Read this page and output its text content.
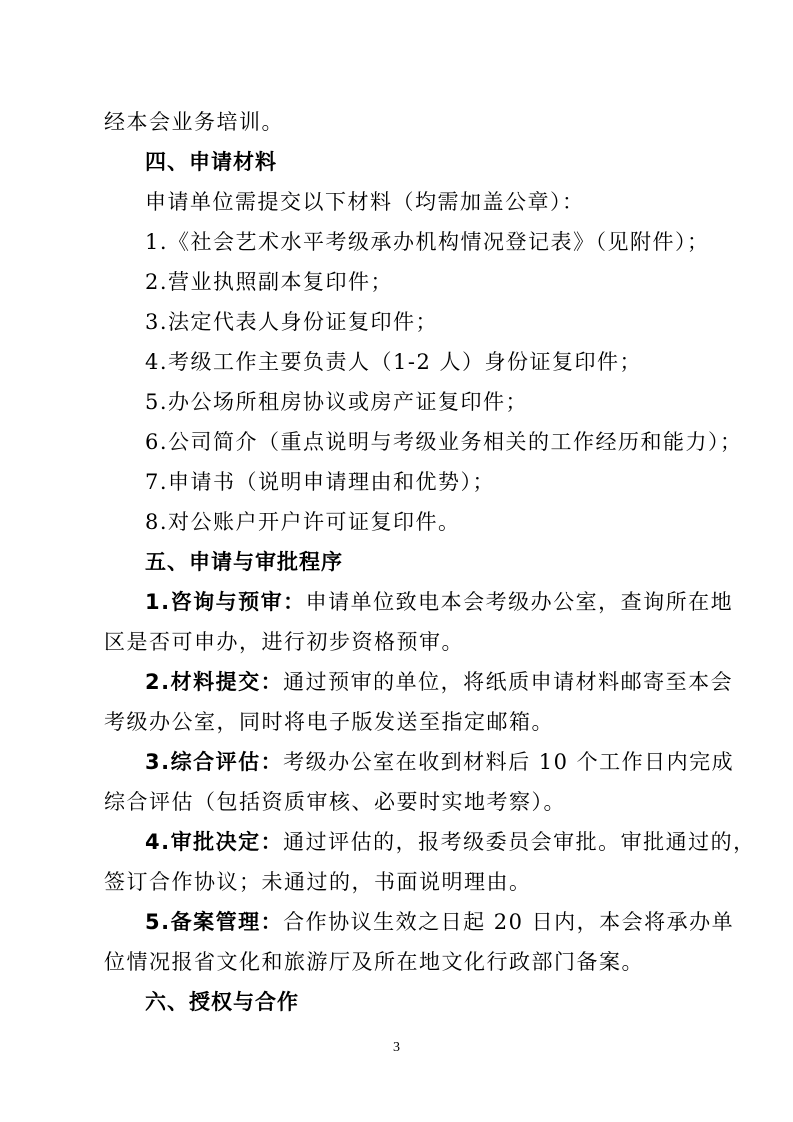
经本会业务培训。
四、申请材料
申请单位需提交以下材料（均需加盖公章）：
1.《社会艺术水平考级承办机构情况登记表》（见附件）；
2.营业执照副本复印件；
3.法定代表人身份证复印件；
4.考级工作主要负责人（1-2 人）身份证复印件；
5.办公场所租房协议或房产证复印件；
6.公司简介（重点说明与考级业务相关的工作经历和能力）；
7.申请书（说明申请理由和优势）；
8.对公账户开户许可证复印件。
五、申请与审批程序
1.咨询与预审：申请单位致电本会考级办公室，查询所在地
区是否可申办，进行初步资格预审。
2.材料提交：通过预审的单位，将纸质申请材料邮寄至本会
考级办公室，同时将电子版发送至指定邮箱。
3.综合评估：考级办公室在收到材料后 10 个工作日内完成
综合评估（包括资质审核、必要时实地考察）。
4.审批决定：通过评估的，报考级委员会审批。审批通过的，
签订合作协议；未通过的，书面说明理由。
5.备案管理：合作协议生效之日起 20 日内，本会将承办单
位情况报省文化和旅游厅及所在地文化行政部门备案。
六、授权与合作
3
